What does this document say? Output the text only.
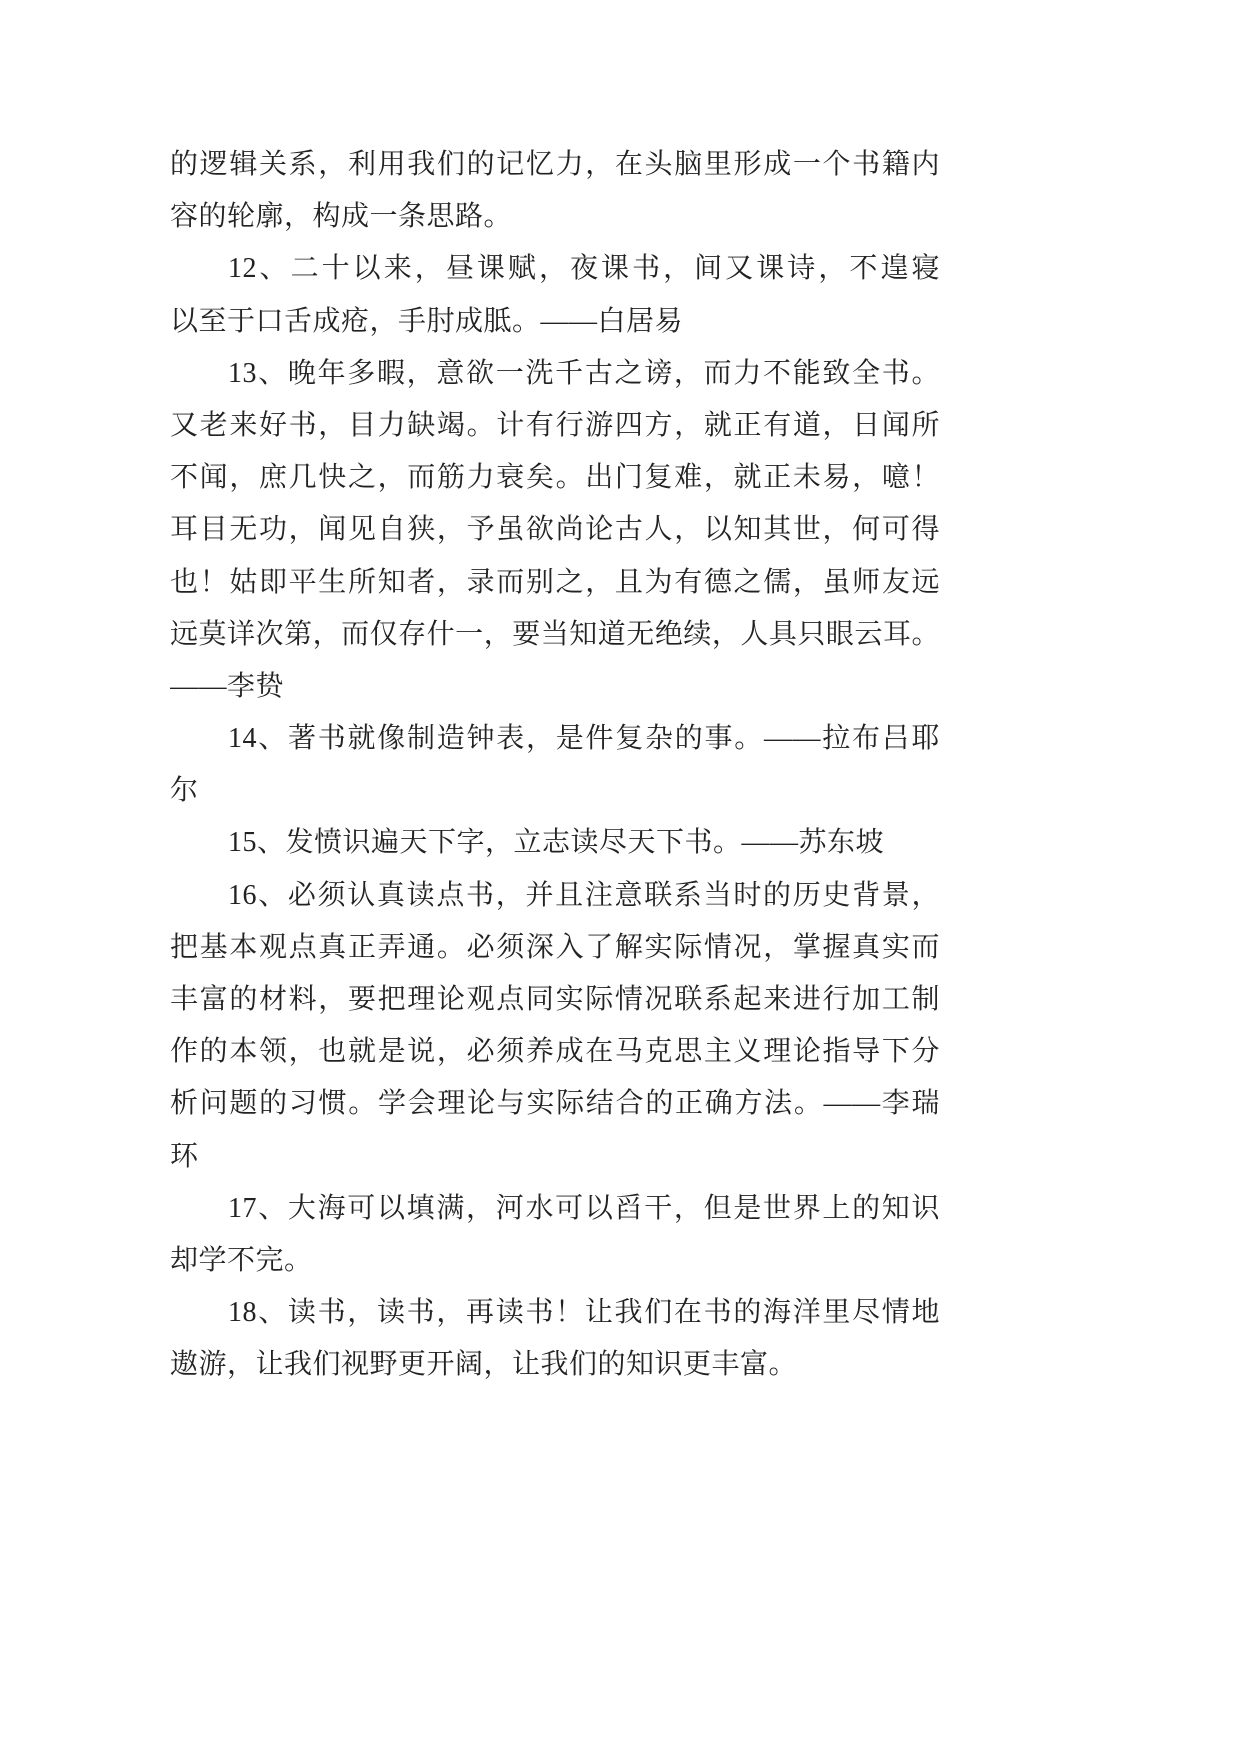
的逻辑关系，利用我们的记忆力，在头脑里形成一个书籍内
容的轮廓，构成一条思路。
12、二十以来，昼课赋，夜课书，间又课诗，不遑寝
以至于口舌成疮，手肘成胝。——白居易
13、晚年多暇，意欲一洗千古之谤，而力不能致全书。
又老来好书，目力缺竭。计有行游四方，就正有道，日闻所
不闻，庶几快之，而筋力衰矣。出门复难，就正未易，噫！
耳目无功，闻见自狭，予虽欲尚论古人，以知其世，何可得
也！姑即平生所知者，录而别之，且为有德之儒，虽师友远
远莫详次第，而仅存什一，要当知道无绝续，人具只眼云耳。
——李贽
14、著书就像制造钟表，是件复杂的事。——拉布吕耶
尔
15、发愤识遍天下字，立志读尽天下书。——苏东坡
16、必须认真读点书，并且注意联系当时的历史背景，
把基本观点真正弄通。必须深入了解实际情况，掌握真实而
丰富的材料，要把理论观点同实际情况联系起来进行加工制
作的本领，也就是说，必须养成在马克思主义理论指导下分
析问题的习惯。学会理论与实际结合的正确方法。——李瑞
环
17、大海可以填满，河水可以舀干，但是世界上的知识
却学不完。
18、读书，读书，再读书！让我们在书的海洋里尽情地
遨游，让我们视野更开阔，让我们的知识更丰富。
